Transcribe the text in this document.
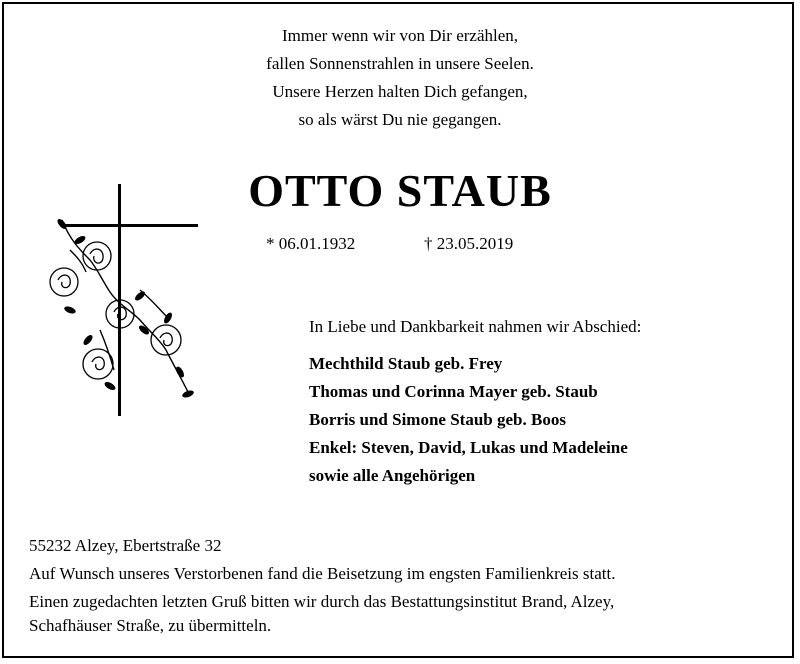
Immer wenn wir von Dir erzählen,
fallen Sonnenstrahlen in unsere Seelen.
Unsere Herzen halten Dich gefangen,
so als wärst Du nie gegangen.
OTTO STAUB
* 06.01.1932	† 23.05.2019
In Liebe und Dankbarkeit nahmen wir Abschied:
Mechthild Staub geb. Frey
Thomas und Corinna Mayer geb. Staub
Borris und Simone Staub geb. Boos
Enkel: Steven, David, Lukas und Madeleine
sowie alle Angehörigen
55232 Alzey, Ebertstraße 32
Auf Wunsch unseres Verstorbenen fand die Beisetzung im engsten Familienkreis statt.
Einen zugedachten letzten Gruß bitten wir durch das Bestattungsinstitut Brand, Alzey,
Schafhäuser Straße, zu übermitteln.
